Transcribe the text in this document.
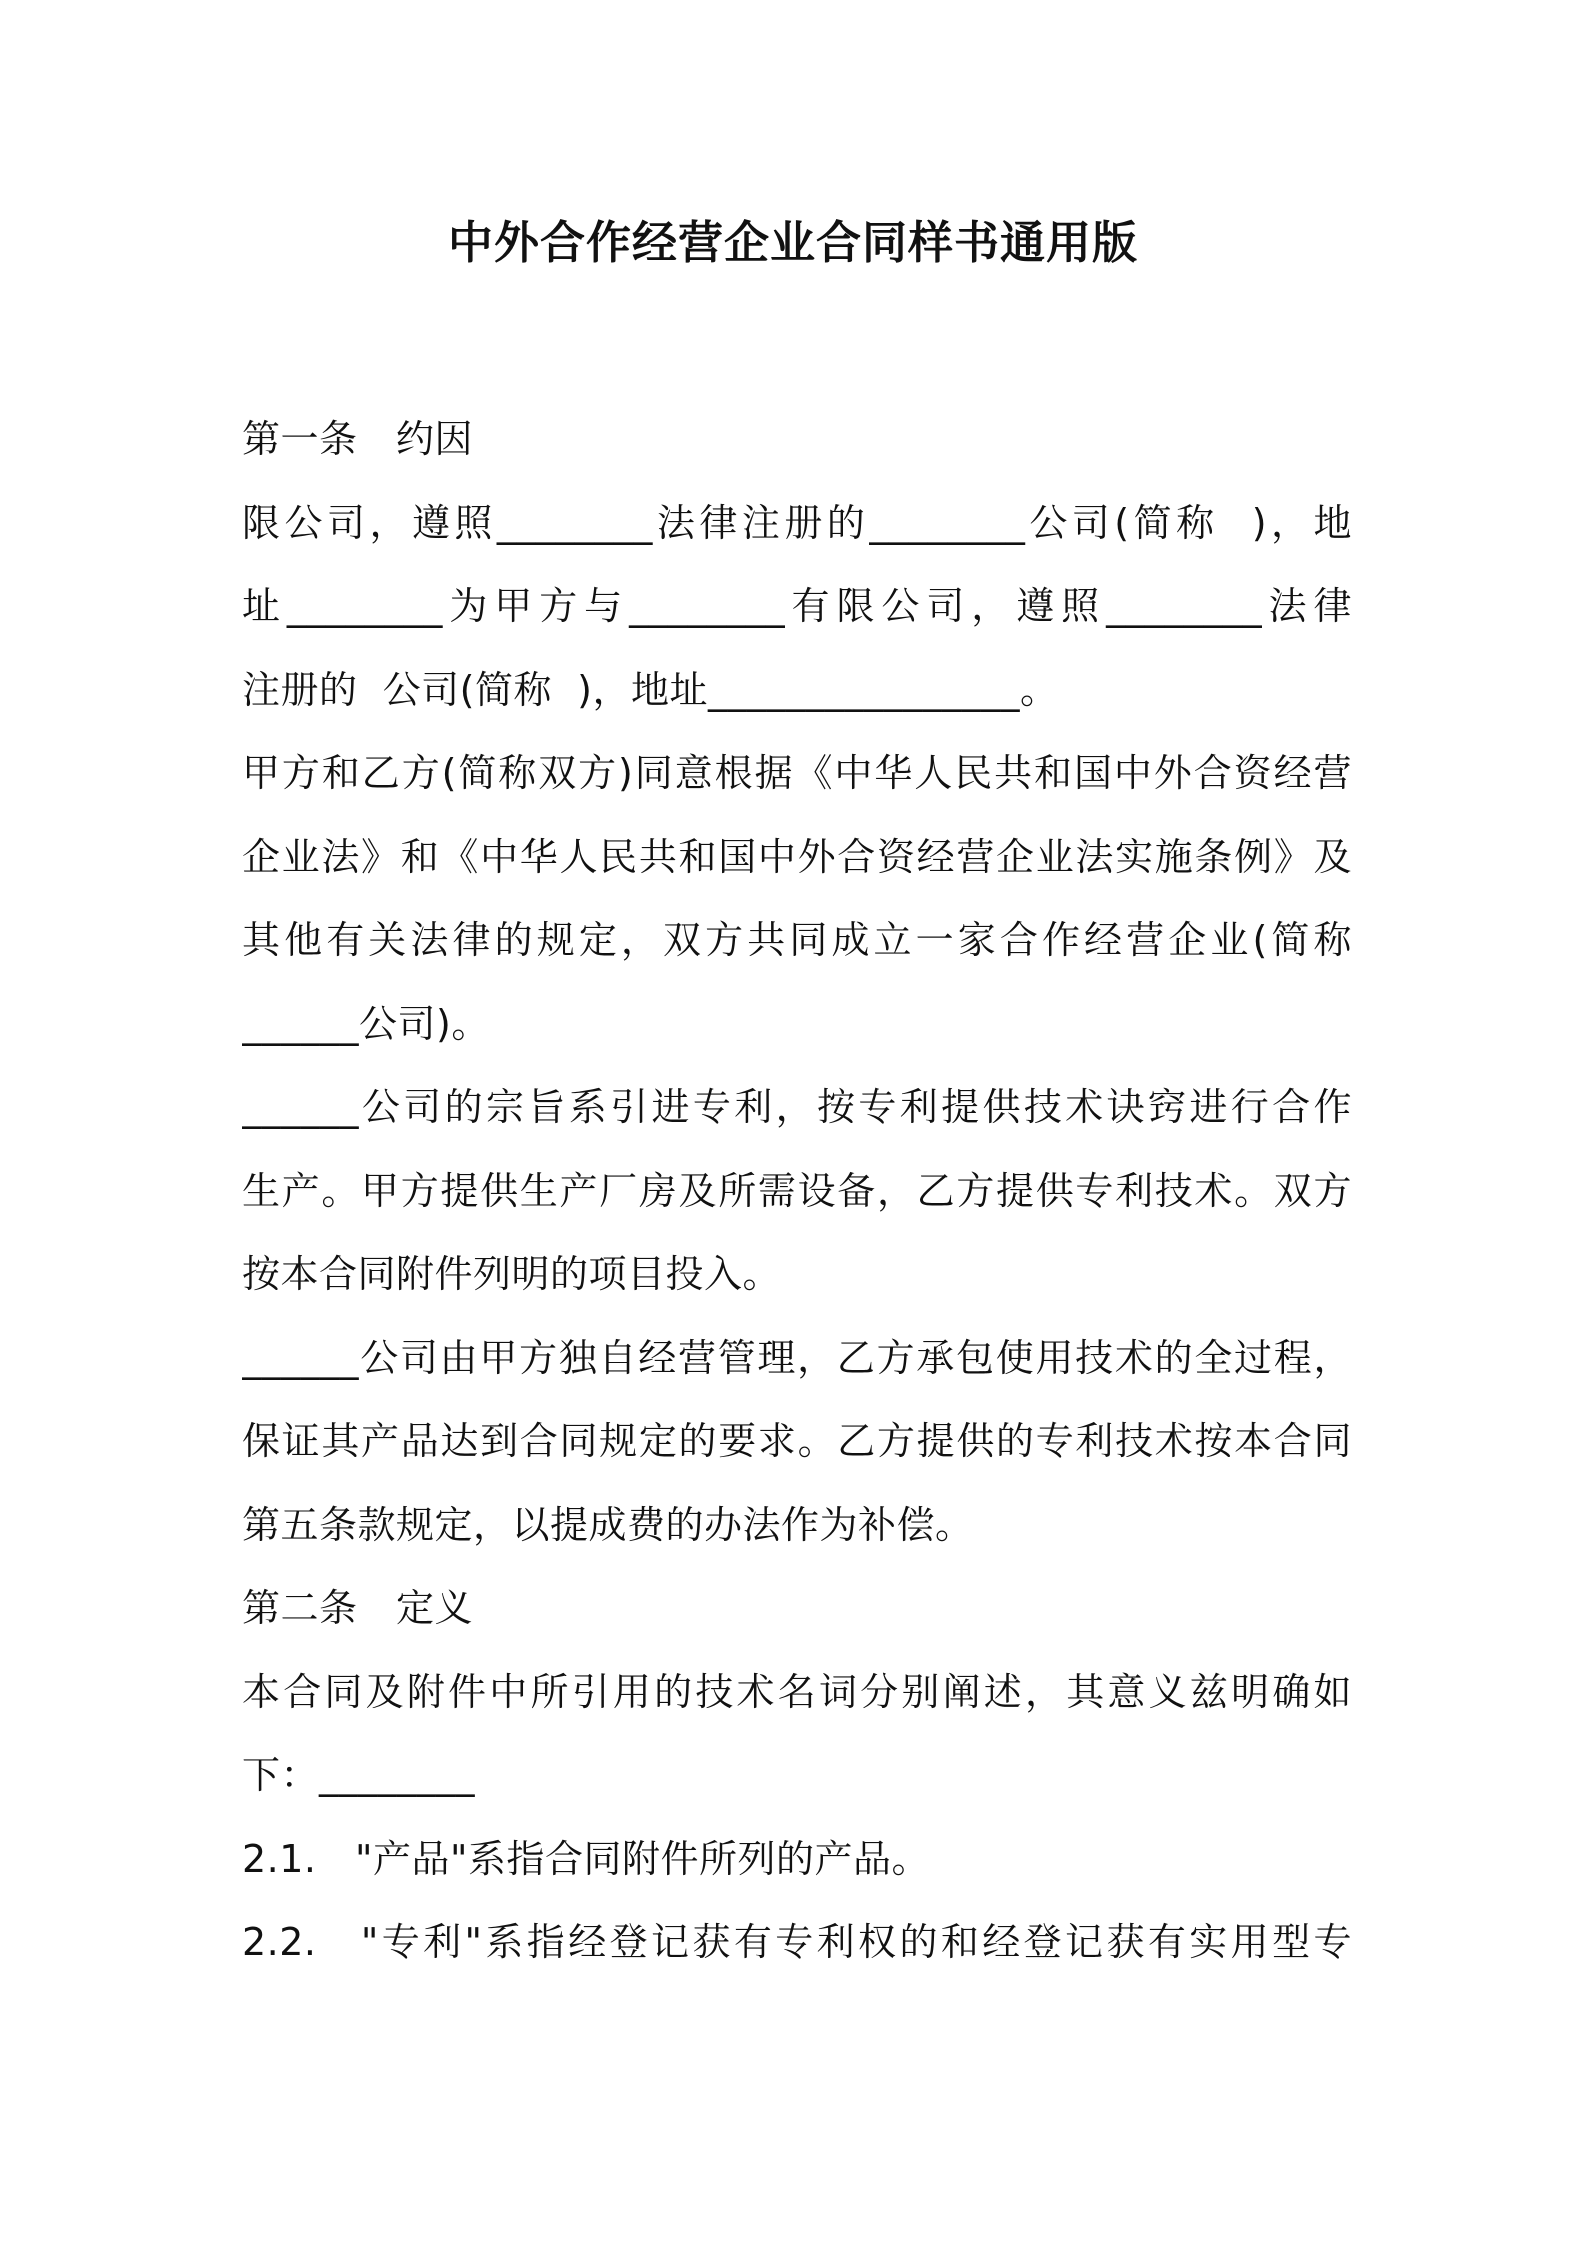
中外合作经营企业合同样书通用版
第一条　约因
限公司，遵照________法律注册的________公司(简称  )，地
址________为甲方与________有限公司，遵照________法律
注册的  公司(简称  )，地址________________。
甲方和乙方(简称双方)同意根据《中华人民共和国中外合资经营
企业法》和《中华人民共和国中外合资经营企业法实施条例》及
其他有关法律的规定，双方共同成立一家合作经营企业(简称
______公司)。
______公司的宗旨系引进专利，按专利提供技术诀窍进行合作
生产。甲方提供生产厂房及所需设备，乙方提供专利技术。双方
按本合同附件列明的项目投入。
______公司由甲方独自经营管理，乙方承包使用技术的全过程，
保证其产品达到合同规定的要求。乙方提供的专利技术按本合同
第五条款规定，以提成费的办法作为补偿。
第二条　定义
本合同及附件中所引用的技术名词分别阐述，其意义兹明确如
下：________
2.1.　"产品"系指合同附件所列的产品。
2.2.　"专利"系指经登记获有专利权的和经登记获有实用型专
